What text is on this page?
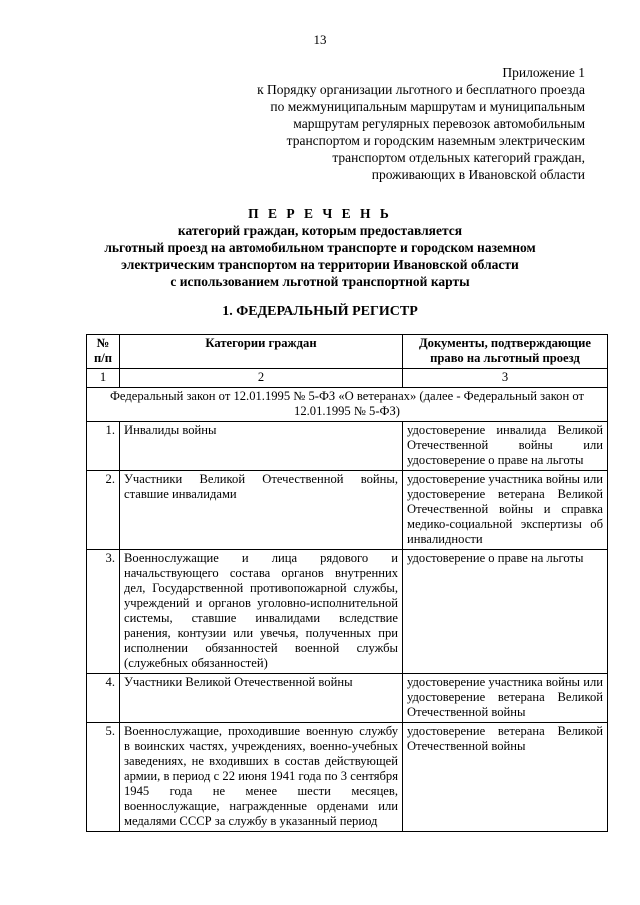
13
Приложение 1
к Порядку организации льготного и бесплатного проезда
по межмуниципальным маршрутам и муниципальным
маршрутам регулярных перевозок автомобильным
транспортом и городским наземным электрическим
транспортом отдельных категорий граждан,
проживающих в Ивановской области
П Е Р Е Ч Е Н Ь
категорий граждан, которым предоставляется
льготный проезд на автомобильном транспорте и городском наземном
электрическим транспортом на территории Ивановской области
с использованием льготной транспортной карты
1. ФЕДЕРАЛЬНЫЙ РЕГИСТР
№ п/п	Категории граждан	Документы, подтверждающие право на льготный проезд
1	2	3
Федеральный закон от 12.01.1995 № 5-ФЗ «О ветеранах» (далее - Федеральный закон от 12.01.1995 № 5-ФЗ)		
1.	Инвалиды войны	удостоверение инвалида Великой Отечественной войны или удостоверение о праве на льготы
2.	Участники Великой Отечественной войны, ставшие инвалидами	удостоверение участника войны или удостоверение ветерана Великой Отечественной войны и справка медико-социальной экспертизы об инвалидности
3.	Военнослужащие и лица рядового и начальствующего состава органов внутренних дел, Государственной противопожарной службы, учреждений и органов уголовно-исполнительной системы, ставшие инвалидами вследствие ранения, контузии или увечья, полученных при исполнении обязанностей военной службы (служебных обязанностей)	удостоверение о праве на льготы
4.	Участники Великой Отечественной войны	удостоверение участника войны или удостоверение ветерана Великой Отечественной войны
5.	Военнослужащие, проходившие военную службу в воинских частях, учреждениях, военно-учебных заведениях, не входивших в состав действующей армии, в период с 22 июня 1941 года по 3 сентября 1945 года не менее шести месяцев, военнослужащие, награжденные орденами или медалями СССР за службу в указанный период	удостоверение ветерана Великой Отечественной войны
